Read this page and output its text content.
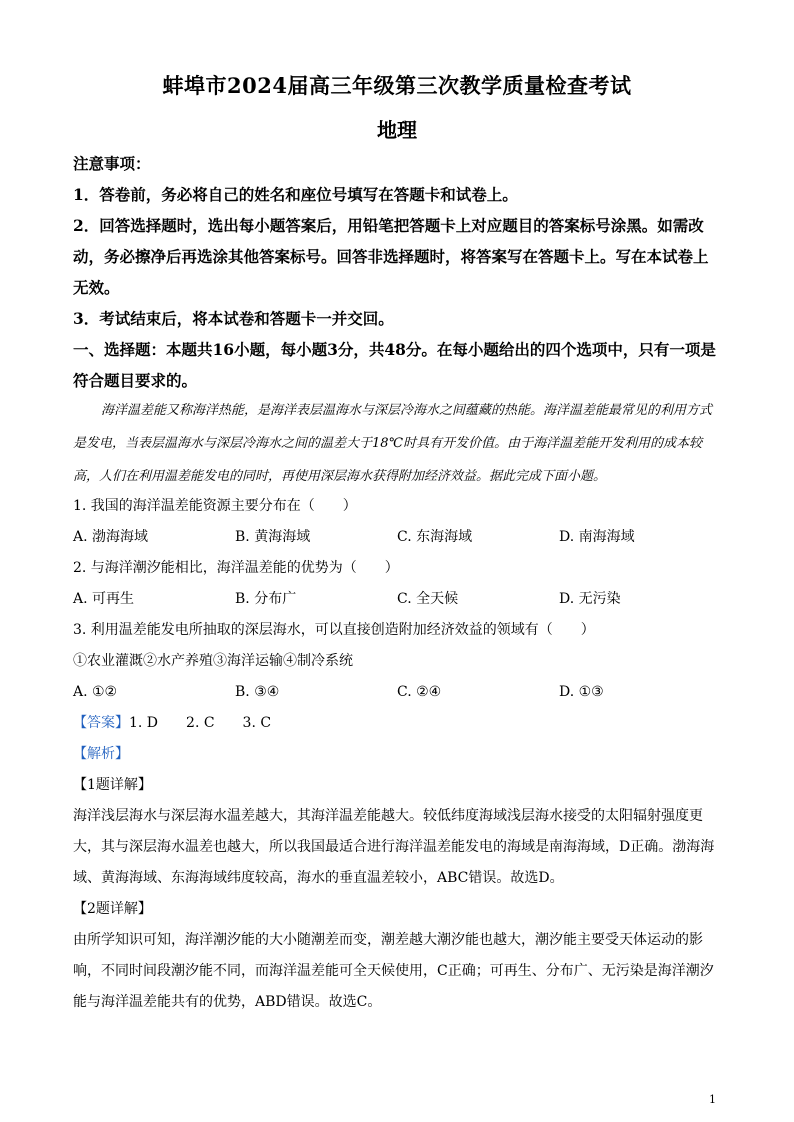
蚌埠市2024届高三年级第三次教学质量检查考试
地理
注意事项：
1．答卷前，务必将自己的姓名和座位号填写在答题卡和试卷上。
2．回答选择题时，选出每小题答案后，用铅笔把答题卡上对应题目的答案标号涂黑。如需改动，务必擦净后再选涂其他答案标号。回答非选择题时，将答案写在答题卡上。写在本试卷上无效。
3．考试结束后，将本试卷和答题卡一并交回。
一、选择题：本题共16小题，每小题3分，共48分。在每小题给出的四个选项中，只有一项是符合题目要求的。
海洋温差能又称海洋热能，是海洋表层温海水与深层冷海水之间蕴藏的热能。海洋温差能最常见的利用方式是发电，当表层温海水与深层冷海水之间的温差大于18℃时具有开发价值。由于海洋温差能开发利用的成本较高，人们在利用温差能发电的同时，再使用深层海水获得附加经济效益。据此完成下面小题。
1. 我国的海洋温差能资源主要分布在（　　）
A. 渤海海域	B. 黄海海域	C. 东海海域	D. 南海海域
2. 与海洋潮汐能相比，海洋温差能的优势为（　　）
A. 可再生	B. 分布广	C. 全天候	D. 无污染
3. 利用温差能发电所抽取的深层海水，可以直接创造附加经济效益的领域有（　　）
①农业灌溉②水产养殖③海洋运输④制冷系统
A. ①②	B. ③④	C. ②④	D. ①③
【答案】1. D　　2. C　　3. C
【解析】
【1题详解】
海洋浅层海水与深层海水温差越大，其海洋温差能越大。较低纬度海域浅层海水接受的太阳辐射强度更大，其与深层海水温差也越大，所以我国最适合进行海洋温差能发电的海域是南海海域，D正确。渤海海域、黄海海域、东海海域纬度较高，海水的垂直温差较小，ABC错误。故选D。
【2题详解】
由所学知识可知，海洋潮汐能的大小随潮差而变，潮差越大潮汐能也越大，潮汐能主要受天体运动的影响，不同时间段潮汐能不同，而海洋温差能可全天候使用，C正确；可再生、分布广、无污染是海洋潮汐能与海洋温差能共有的优势，ABD错误。故选C。
1
